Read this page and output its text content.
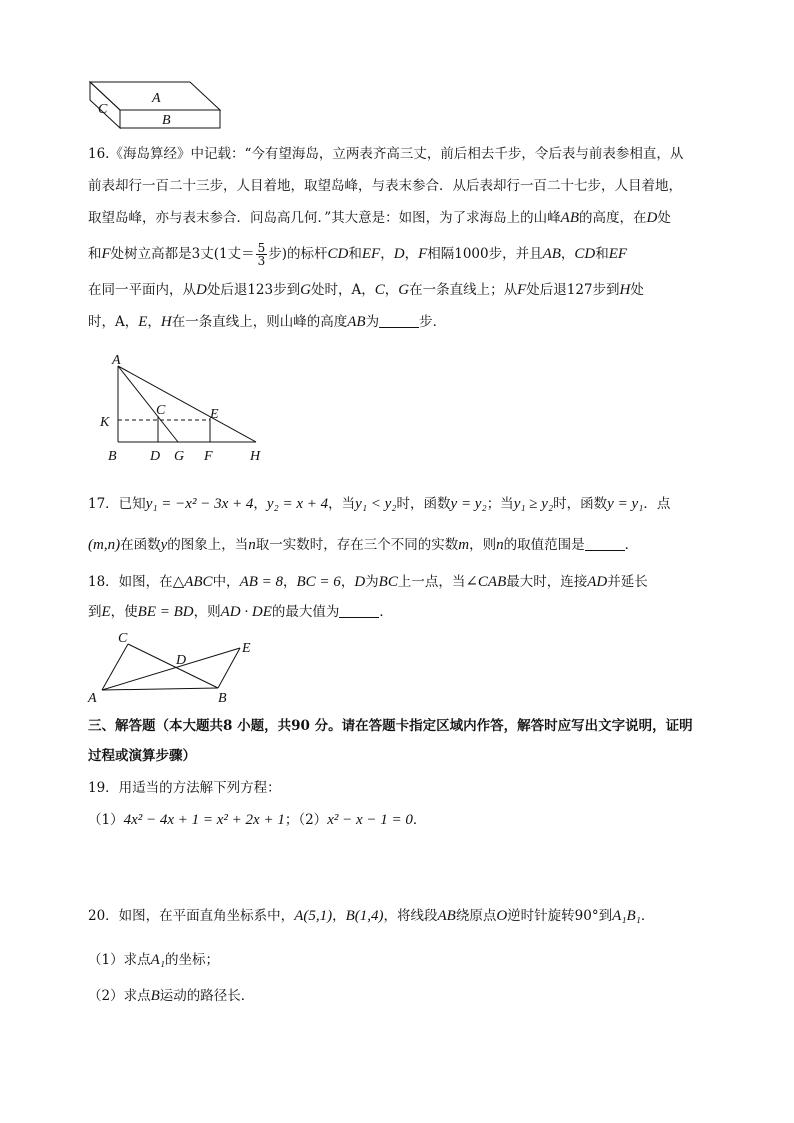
A
C
B
16.《海岛算经》中记载：“今有望海岛，立两表齐高三丈，前后相去千步，令后表与前表参相直，从
前表却行一百二十三步，人目着地，取望岛峰，与表末参合．从后表却行一百二十七步，人目着地，
取望岛峰，亦与表末参合．问岛高几何．”其大意是：如图，为了求海岛上的山峰AB的高度，在D处
和F处树立高都是3丈(1丈＝ $\frac{5}{3}$ 步)的标杆CD和EF，D，F相隔1000步，并且AB，CD和EF
在同一平面内，从D处后退123步到G处时，A，C，G在一条直线上；从F处后退127步到H处
时，A，E，H在一条直线上，则山峰的高度AB为	步．
A
K
C	E
B D G F	H
17．已知y₁ = −x² − 3x + 4，y₂ = x + 4，当y₁ < y₂时，函数y = y₂；当y₁ ≥ y₂时，函数y = y₁．点
(m,n)在函数y的图象上，当n取一实数时，存在三个不同的实数m，则n的取值范围是	．
18．如图，在△ABC中，AB = 8，BC = 6，D为BC上一点，当∠CAB最大时，连接AD并延长
到E，使BE = BD，则AD · DE的最大值为	．
C
D
E
A	B
三、解答题（本大题共8 小题，共90 分。请在答题卡指定区域内作答，解答时应写出文字说明，证明
过程或演算步骤）
19．用适当的方法解下列方程：
（1）4x² − 4x + 1 = x² + 2x + 1；（2）x² − x − 1 = 0．
20．如图，在平面直角坐标系中，A(5,1)，B(1,4)，将线段AB绕原点O逆时针旋转90°到A₁B₁．
（1）求点A₁的坐标；
（2）求点B运动的路径长．
